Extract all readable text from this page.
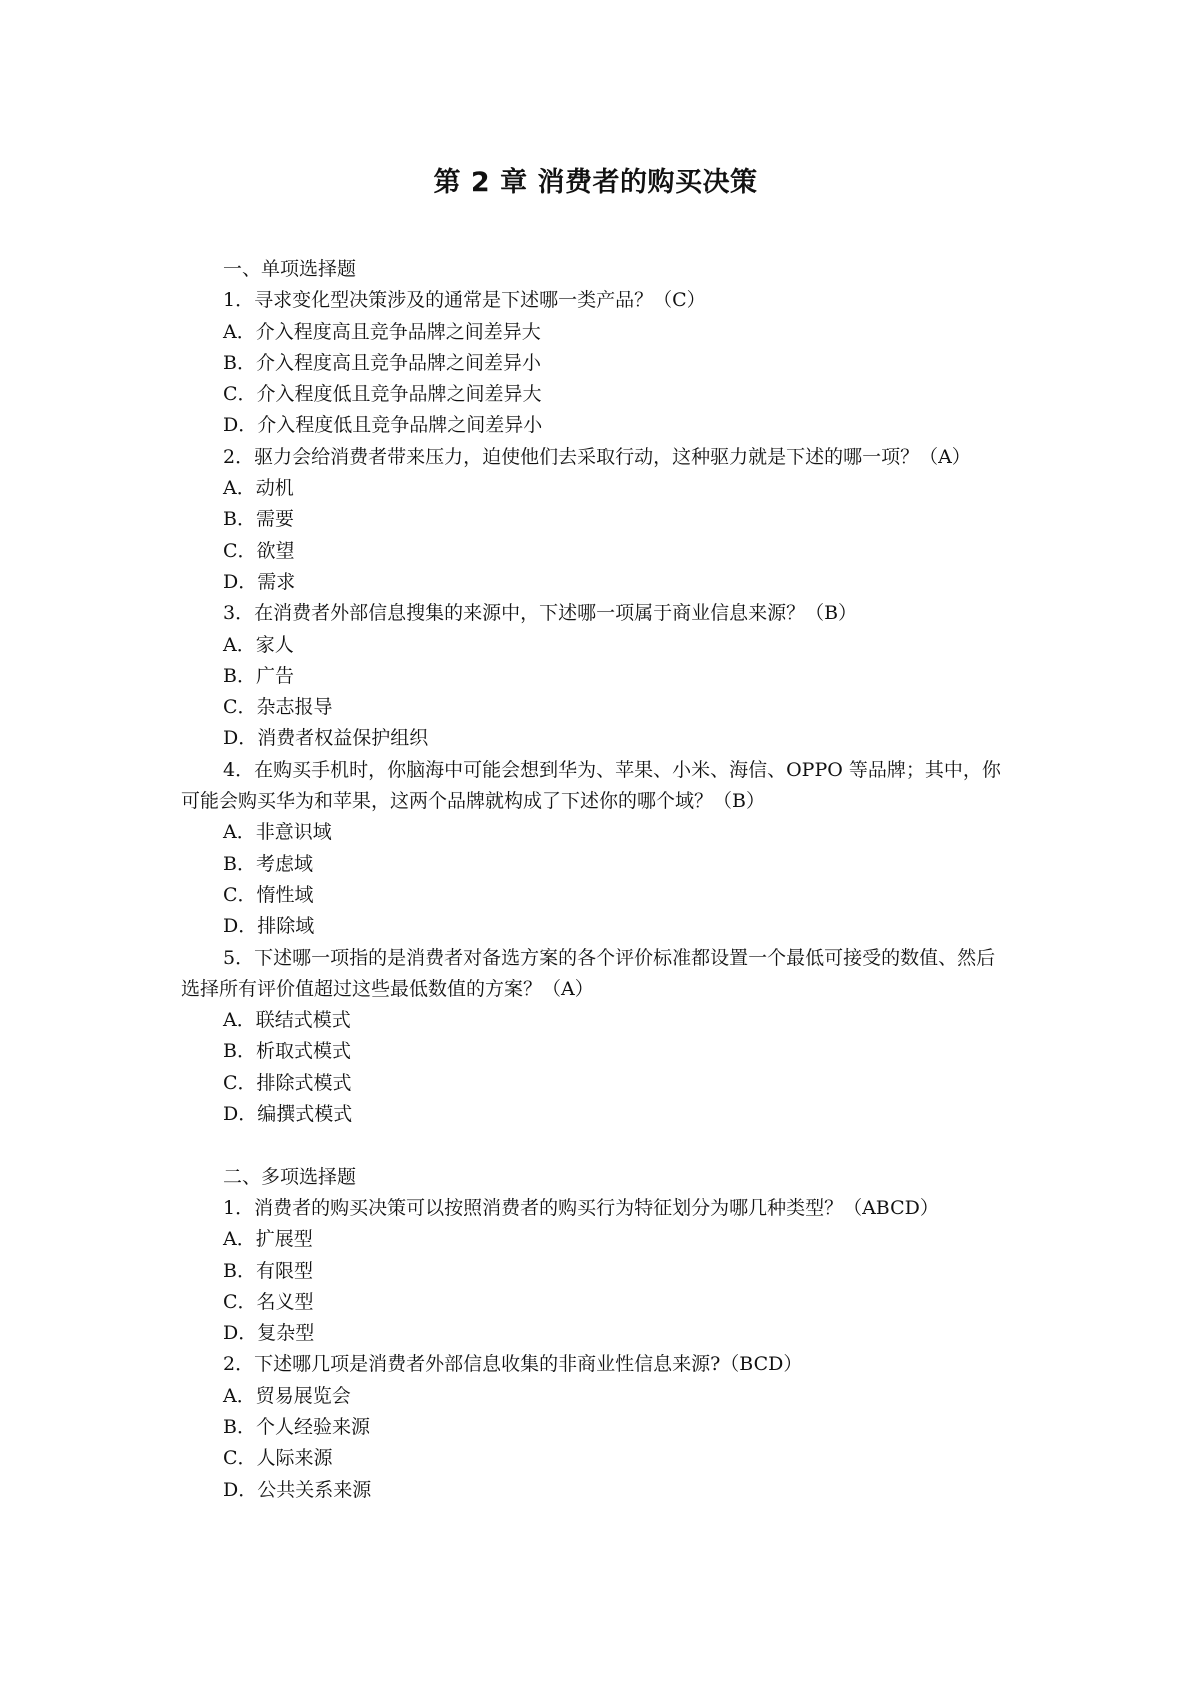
第 2 章 消费者的购买决策
一、单项选择题
1．寻求变化型决策涉及的通常是下述哪一类产品？（C）
A．介入程度高且竞争品牌之间差异大
B．介入程度高且竞争品牌之间差异小
C．介入程度低且竞争品牌之间差异大
D．介入程度低且竞争品牌之间差异小
2．驱力会给消费者带来压力，迫使他们去采取行动，这种驱力就是下述的哪一项？（A）
A．动机
B．需要
C．欲望
D．需求
3．在消费者外部信息搜集的来源中，下述哪一项属于商业信息来源？（B）
A．家人
B．广告
C．杂志报导
D．消费者权益保护组织
4．在购买手机时，你脑海中可能会想到华为、苹果、小米、海信、OPPO 等品牌；其中，你可能会购买华为和苹果，这两个品牌就构成了下述你的哪个域？（B）
A．非意识域
B．考虑域
C．惰性域
D．排除域
5．下述哪一项指的是消费者对备选方案的各个评价标准都设置一个最低可接受的数值、然后选择所有评价值超过这些最低数值的方案？（A）
A．联结式模式
B．析取式模式
C．排除式模式
D．编撰式模式
二、多项选择题
1．消费者的购买决策可以按照消费者的购买行为特征划分为哪几种类型？（ABCD）
A．扩展型
B．有限型
C．名义型
D．复杂型
2．下述哪几项是消费者外部信息收集的非商业性信息来源?（BCD）
A．贸易展览会
B．个人经验来源
C．人际来源
D．公共关系来源
